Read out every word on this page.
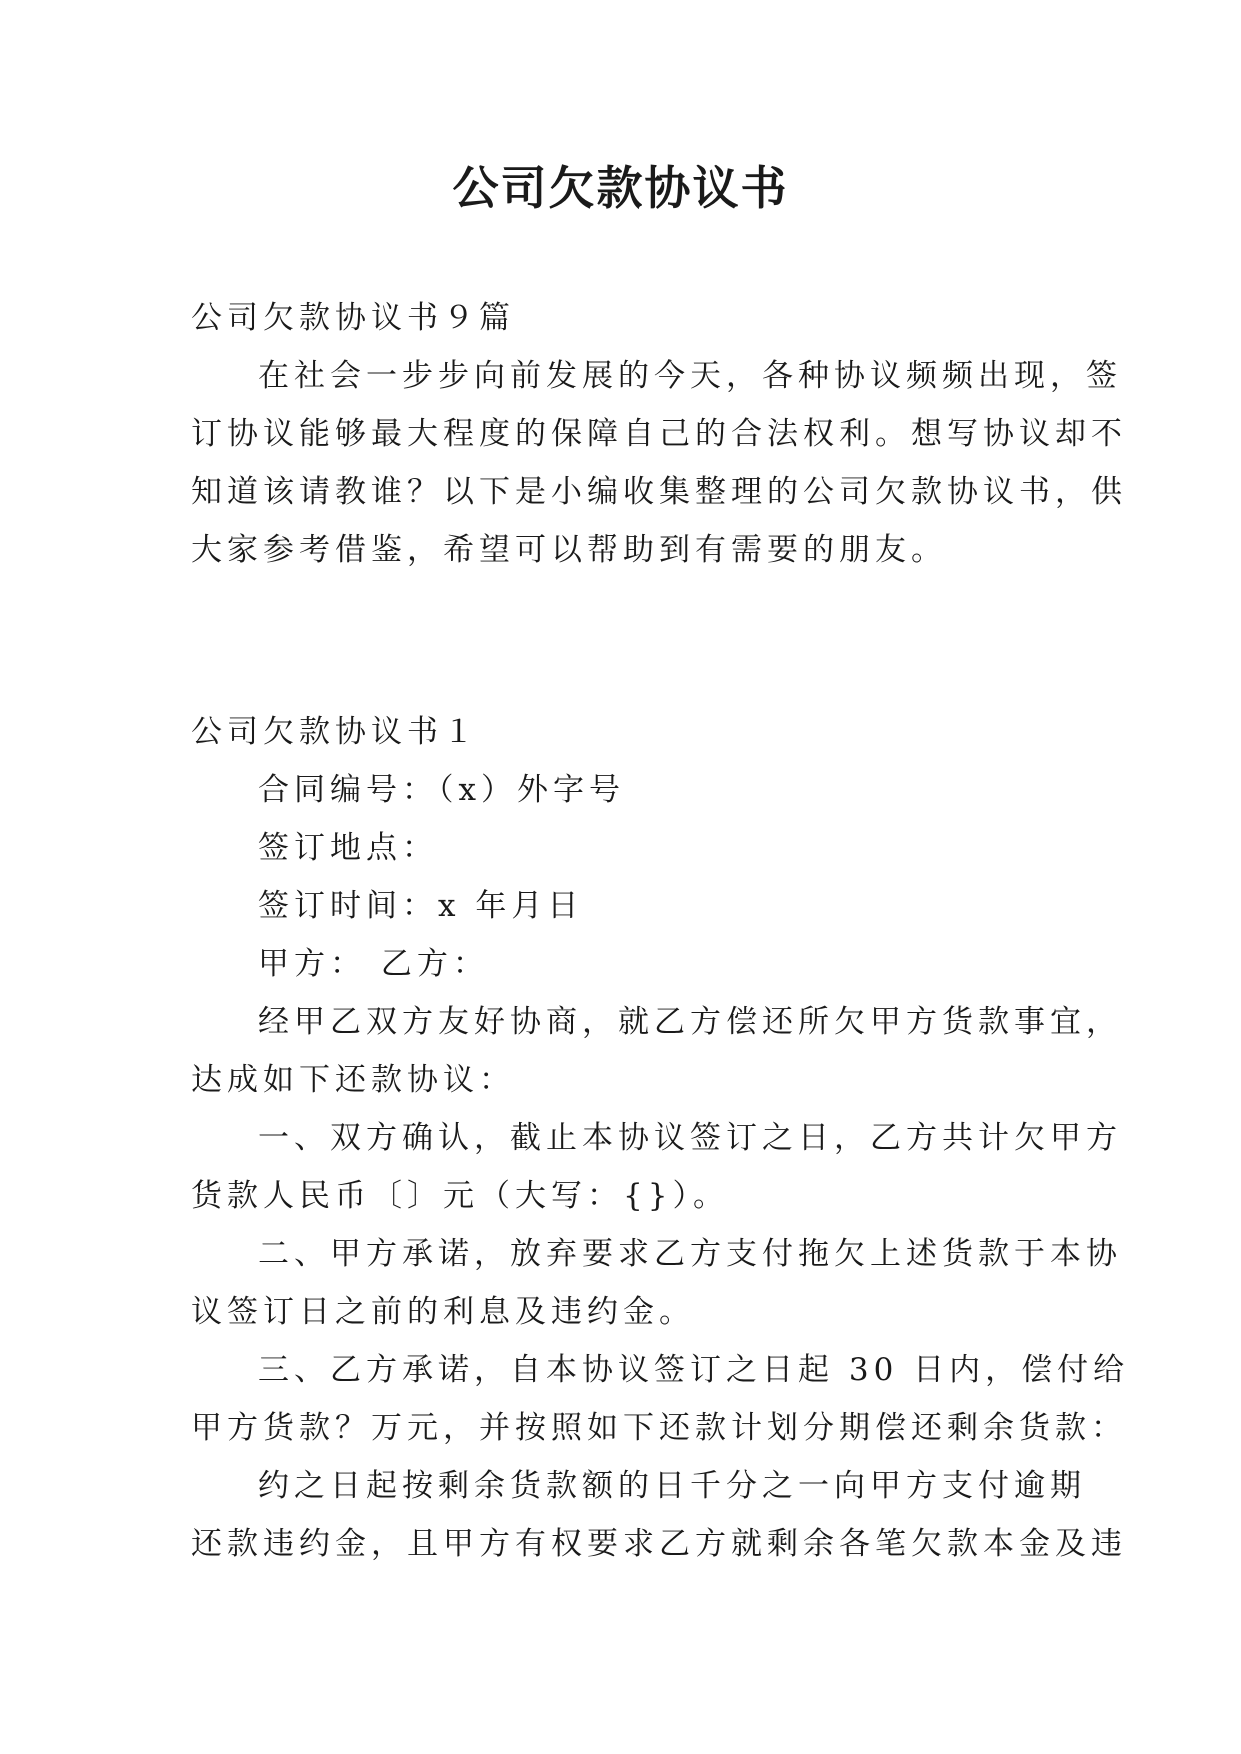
公司欠款协议书
公司欠款协议书９篇
在社会一步步向前发展的今天，各种协议频频出现，签
订协议能够最大程度的保障自己的合法权利。想写协议却不
知道该请教谁？以下是小编收集整理的公司欠款协议书，供
大家参考借鉴，希望可以帮助到有需要的朋友。
公司欠款协议书１
合同编号：（x）外字号
签订地点：
签订时间：x 年月日
甲方： 乙方：
经甲乙双方友好协商，就乙方偿还所欠甲方货款事宜，
达成如下还款协议：
一、双方确认，截止本协议签订之日，乙方共计欠甲方
货款人民币〔〕元（大写：{}）。
二、甲方承诺，放弃要求乙方支付拖欠上述货款于本协
议签订日之前的利息及违约金。
三、乙方承诺，自本协议签订之日起 30 日内，偿付给
甲方货款？万元，并按照如下还款计划分期偿还剩余货款：
约之日起按剩余货款额的日千分之一向甲方支付逾期
还款违约金，且甲方有权要求乙方就剩余各笔欠款本金及违
